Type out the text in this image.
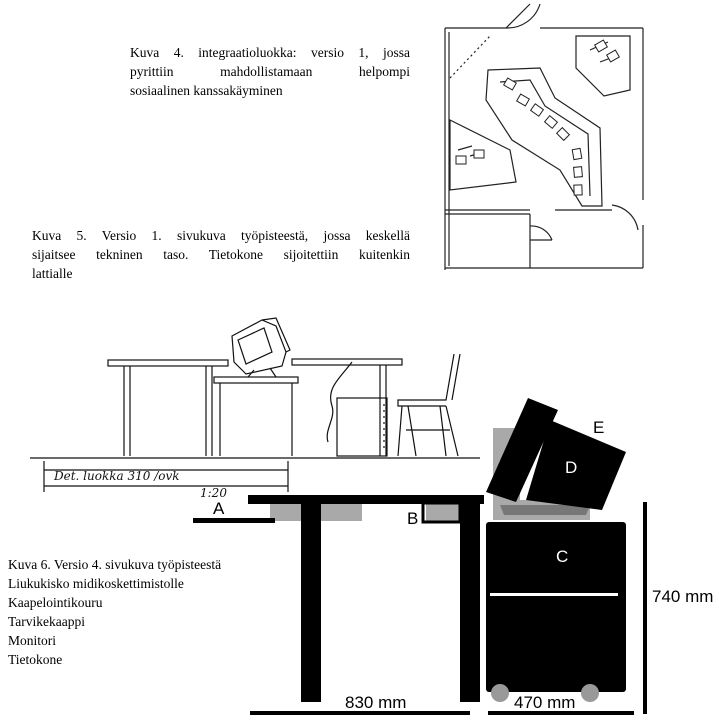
Kuva 4. integraatioluokka: versio 1, jossa
pyrittiin mahdollistamaan helpompi
sosiaalinen kanssakäyminen
Kuva 5. Versio 1. sivukuva työpisteestä, jossa keskellä
sijaitsee tekninen taso. Tietokone sijoitettiin kuitenkin
lattialle
Det. luokka 310 /ovk
1:20
Kuva 6. Versio 4. sivukuva työpisteestä
Liukukisko midikoskettimistolle
Kaapelointikouru
Tarvikekaappi
Monitori
Tietokone
A
B
E
830 mm	470 mm
740 mm
D
C
